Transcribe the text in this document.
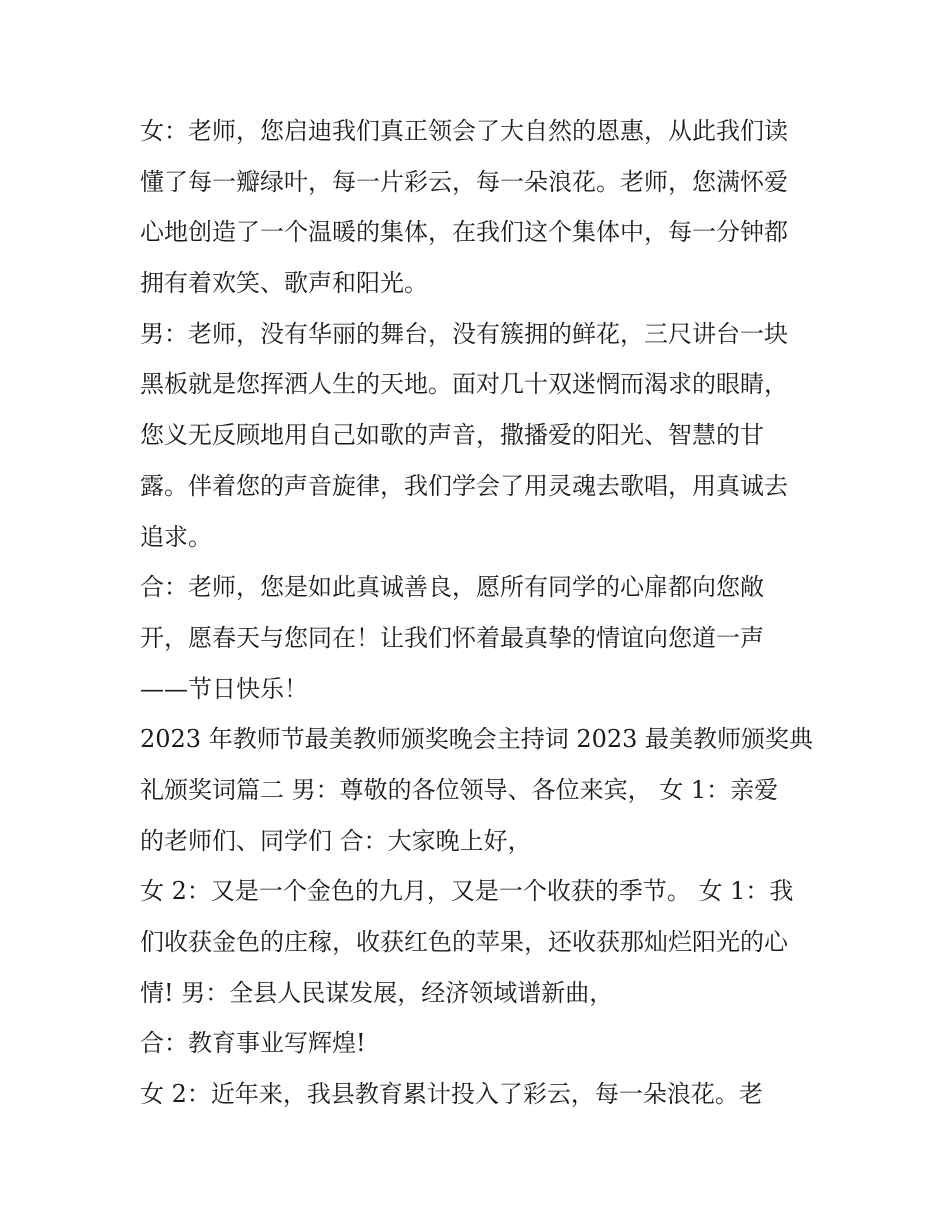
女：老师，您启迪我们真正领会了大自然的恩惠，从此我们读
懂了每一瓣绿叶，每一片彩云，每一朵浪花。老师，您满怀爱
心地创造了一个温暖的集体，在我们这个集体中，每一分钟都
拥有着欢笑、歌声和阳光。
男：老师，没有华丽的舞台，没有簇拥的鲜花，三尺讲台一块
黑板就是您挥洒人生的天地。面对几十双迷惘而渴求的眼睛，
您义无反顾地用自己如歌的声音，撒播爱的阳光、智慧的甘
露。伴着您的声音旋律，我们学会了用灵魂去歌唱，用真诚去
追求。
合：老师，您是如此真诚善良，愿所有同学的心扉都向您敞
开，愿春天与您同在！让我们怀着最真挚的情谊向您道一声
——节日快乐！
2023 年教师节最美教师颁奖晚会主持词 2023 最美教师颁奖典
礼颁奖词篇二 男：尊敬的各位领导、各位来宾， 女 1：亲爱
的老师们、同学们 合：大家晚上好，
女 2：又是一个金色的九月，又是一个收获的季节。 女 1：我
们收获金色的庄稼，收获红色的苹果，还收获那灿烂阳光的心
情! 男：全县人民谋发展，经济领域谱新曲，
合：教育事业写辉煌!
女 2：近年来，我县教育累计投入了彩云，每一朵浪花。老
